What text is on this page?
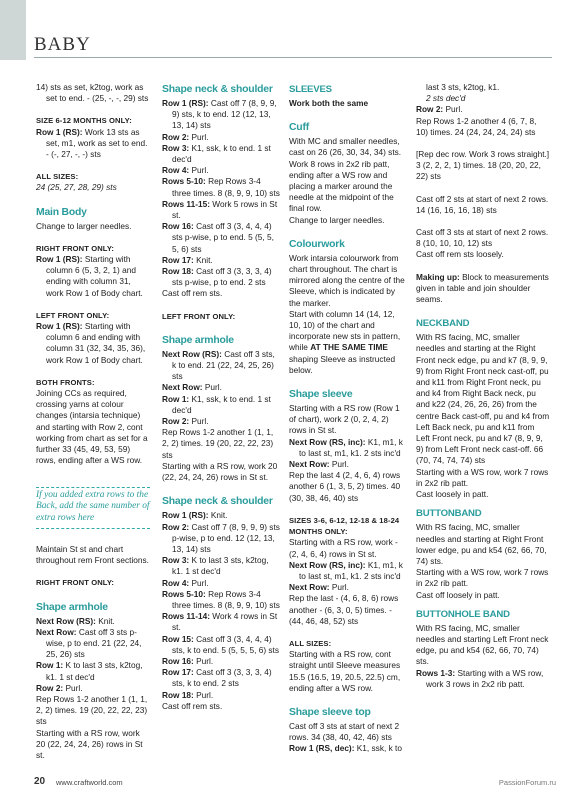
BABY

14) sts as set, k2tog, work as set to end. - (25, -, -, 29) sts

SIZE 6-12 MONTHS ONLY:

Row 1 (RS): Work 13 sts as set, m1, work as set to end. - (-, 27, -, -) sts

ALL SIZES:

24 (25, 27, 28, 29) sts

Main Body

Change to larger needles.

RIGHT FRONT ONLY:

Row 1 (RS): Starting with column 6 (5, 3, 2, 1) and ending with column 31, work Row 1 of Body chart.

LEFT FRONT ONLY:

Row 1 (RS): Starting with column 6 and ending with column 31 (32, 34, 35, 36), work Row 1 of Body chart.

BOTH FRONTS:

Joining CCs as required, crossing yarns at colour changes (intarsia technique) and starting with Row 2, cont working from chart as set for a further 33 (45, 49, 53, 59) rows, ending after a WS row.

If you added extra rows to the Back, add the same number of extra rows here

Maintain St st and chart throughout rem Front sections.

RIGHT FRONT ONLY:

Shape armhole

Next Row (RS): Knit.

Next Row: Cast off 3 sts p-wise, p to end. 21 (22, 24, 25, 26) sts

Row 1: K to last 3 sts, k2tog, k1. 1 st dec'd

Row 2: Purl.

Rep Rows 1-2 another 1 (1, 1, 2, 2) times. 19 (20, 22, 22, 23) sts

Starting with a RS row, work 20 (22, 24, 24, 26) rows in St st.

Shape neck & shoulder

Row 1 (RS): Cast off 7 (8, 9, 9, 9) sts, k to end. 12 (12, 13, 13, 14) sts

Row 2: Purl.

Row 3: K1, ssk, k to end. 1 st dec'd

Row 4: Purl.

Rows 5-10: Rep Rows 3-4 three times. 8 (8, 9, 9, 10) sts

Rows 11-15: Work 5 rows in St st.

Row 16: Cast off 3 (3, 4, 4, 4) sts p-wise, p to end. 5 (5, 5, 5, 6) sts

Row 17: Knit.

Row 18: Cast off 3 (3, 3, 3, 4) sts p-wise, p to end. 2 sts

Cast off rem sts.

LEFT FRONT ONLY:

Shape armhole

Next Row (RS): Cast off 3 sts, k to end. 21 (22, 24, 25, 26) sts

Next Row: Purl.

Row 1: K1, ssk, k to end. 1 st dec'd

Row 2: Purl.

Rep Rows 1-2 another 1 (1, 1, 2, 2) times. 19 (20, 22, 22, 23) sts

Starting with a RS row, work 20 (22, 24, 24, 26) rows in St st.

Shape neck & shoulder

Row 1 (RS): Knit.

Row 2: Cast off 7 (8, 9, 9, 9) sts p-wise, p to end. 12 (12, 13, 13, 14) sts

Row 3: K to last 3 sts, k2tog, k1. 1 st dec'd

Row 4: Purl.

Rows 5-10: Rep Rows 3-4 three times. 8 (8, 9, 9, 10) sts

Rows 11-14: Work 4 rows in St st.

Row 15: Cast off 3 (3, 4, 4, 4) sts, k to end. 5 (5, 5, 5, 6) sts

Row 16: Purl.

Row 17: Cast off 3 (3, 3, 3, 4) sts, k to end. 2 sts

Row 18: Purl.

Cast off rem sts.

SLEEVES

Work both the same

Cuff

With MC and smaller needles, cast on 26 (26, 30, 34, 34) sts.

Work 8 rows in 2x2 rib patt, ending after a WS row and placing a marker around the needle at the midpoint of the final row.

Change to larger needles.

Colourwork

Work intarsia colourwork from chart throughout. The chart is mirrored along the centre of the Sleeve, which is indicated by the marker.

Start with column 14 (14, 12, 10, 10) of the chart and incorporate new sts in pattern, while AT THE SAME TIME shaping Sleeve as instructed below.

Shape sleeve

Starting with a RS row (Row 1 of chart), work 2 (0, 2, 4, 2) rows in St st.

Next Row (RS, inc): K1, m1, k to last st, m1, k1. 2 sts inc'd

Next Row: Purl.

Rep the last 4 (2, 4, 6, 4) rows another 6 (1, 3, 5, 2) times. 40 (30, 38, 46, 40) sts

SIZES 3-6, 6-12, 12-18 & 18-24 MONTHS ONLY:

Starting with a RS row, work - (2, 4, 6, 4) rows in St st.

Next Row (RS, inc): K1, m1, k to last st, m1, k1. 2 sts inc'd

Next Row: Purl.

Rep the last - (4, 6, 8, 6) rows another - (6, 3, 0, 5) times. - (44, 46, 48, 52) sts

ALL SIZES:

Starting with a RS row, cont straight until Sleeve measures 15.5 (16.5, 19, 20.5, 22.5) cm, ending after a WS row.

Shape sleeve top

Cast off 3 sts at start of next 2 rows. 34 (38, 40, 42, 46) sts

Row 1 (RS, dec): K1, ssk, k to

last 3 sts, k2tog, k1.

2 sts dec'd

Row 2: Purl.

Rep Rows 1-2 another 4 (6, 7, 8, 10) times. 24 (24, 24, 24, 24) sts

[Rep dec row. Work 3 rows straight.] 3 (2, 2, 2, 1) times. 18 (20, 20, 22, 22) sts

Cast off 2 sts at start of next 2 rows. 14 (16, 16, 16, 18) sts

Cast off 3 sts at start of next 2 rows. 8 (10, 10, 10, 12) sts

Cast off rem sts loosely.

Making up: Block to measurements given in table and join shoulder seams.

NECKBAND

With RS facing, MC, smaller needles and starting at the Right Front neck edge, pu and k7 (8, 9, 9, 9) from Right Front neck cast-off, pu and k11 from Right Front neck, pu and k4 from Right Back neck, pu and k22 (24, 26, 26, 26) from the centre Back cast-off, pu and k4 from Left Back neck, pu and k11 from Left Front neck, pu and k7 (8, 9, 9, 9) from Left Front neck cast-off. 66 (70, 74, 74, 74) sts

Starting with a WS row, work 7 rows in 2x2 rib patt.

Cast loosely in patt.

BUTTONBAND

With RS facing, MC, smaller needles and starting at Right Front lower edge, pu and k54 (62, 66, 70, 74) sts.

Starting with a WS row, work 7 rows in 2x2 rib patt.

Cast off loosely in patt.

BUTTONHOLE BAND

With RS facing, MC, smaller needles and starting Left Front neck edge, pu and k54 (62, 66, 70, 74) sts.

Rows 1-3: Starting with a WS row, work 3 rows in 2x2 rib patt.

20 www.craftworld.com	PassionForum.ru
